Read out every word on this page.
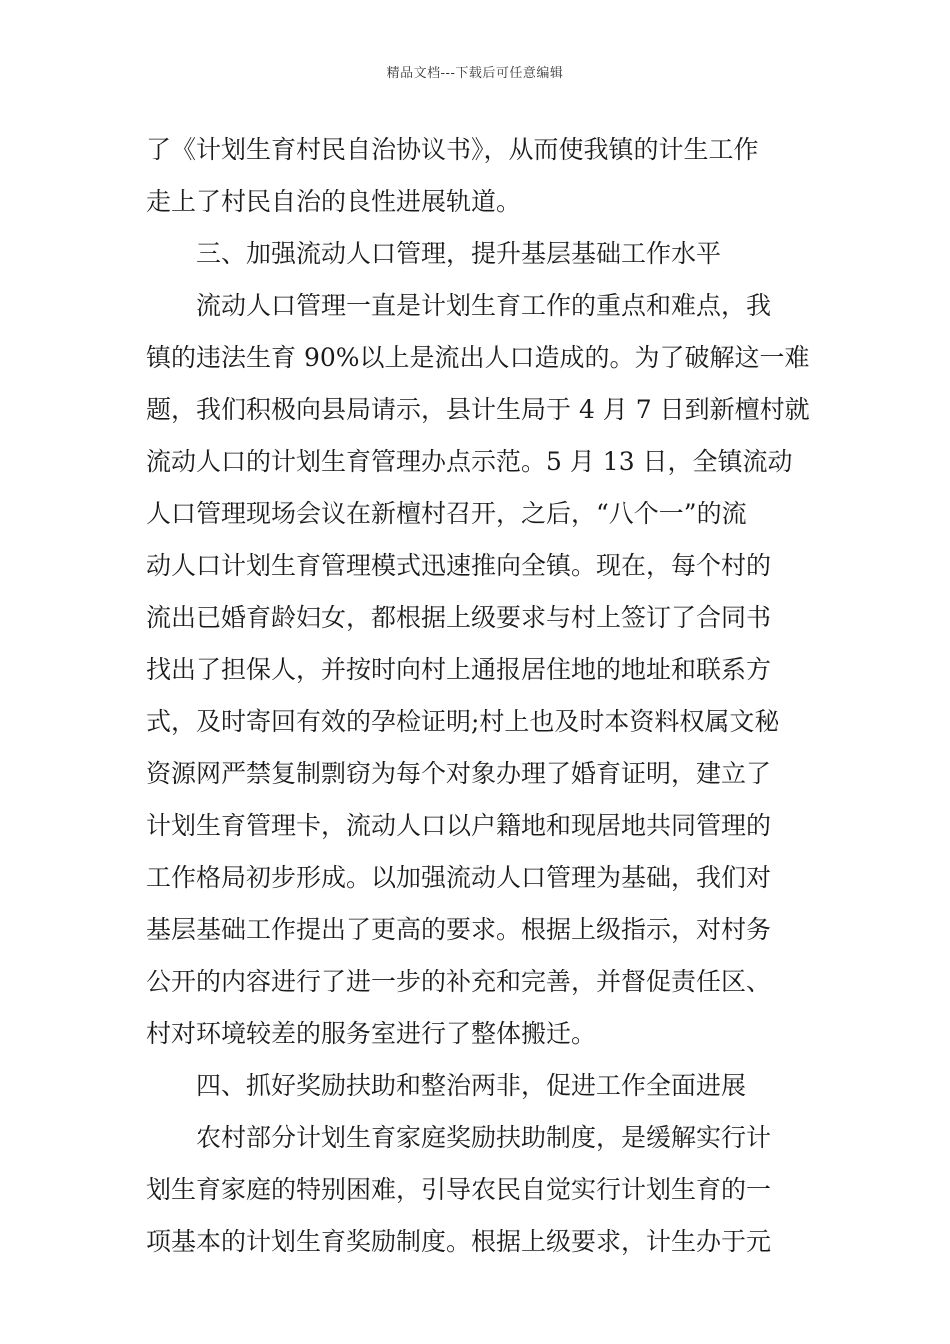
精品文档---下载后可任意编辑
了《计划生育村民自治协议书》，从而使我镇的计生工作
走上了村民自治的良性进展轨道。
　　三、加强流动人口管理，提升基层基础工作水平
　　流动人口管理一直是计划生育工作的重点和难点，我
镇的违法生育 90%以上是流出人口造成的。为了破解这一难
题，我们积极向县局请示，县计生局于 4 月 7 日到新檀村就
流动人口的计划生育管理办点示范。5 月 13 日，全镇流动
人口管理现场会议在新檀村召开，之后，“八个一”的流
动人口计划生育管理模式迅速推向全镇。现在，每个村的
流出已婚育龄妇女，都根据上级要求与村上签订了合同书
找出了担保人，并按时向村上通报居住地的地址和联系方
式，及时寄回有效的孕检证明;村上也及时本资料权属文秘
资源网严禁复制剽窃为每个对象办理了婚育证明，建立了
计划生育管理卡，流动人口以户籍地和现居地共同管理的
工作格局初步形成。以加强流动人口管理为基础，我们对
基层基础工作提出了更高的要求。根据上级指示，对村务
公开的内容进行了进一步的补充和完善，并督促责任区、
村对环境较差的服务室进行了整体搬迁。
　　四、抓好奖励扶助和整治两非，促进工作全面进展
　　农村部分计划生育家庭奖励扶助制度，是缓解实行计
划生育家庭的特别困难，引导农民自觉实行计划生育的一
项基本的计划生育奖励制度。根据上级要求，计生办于元
